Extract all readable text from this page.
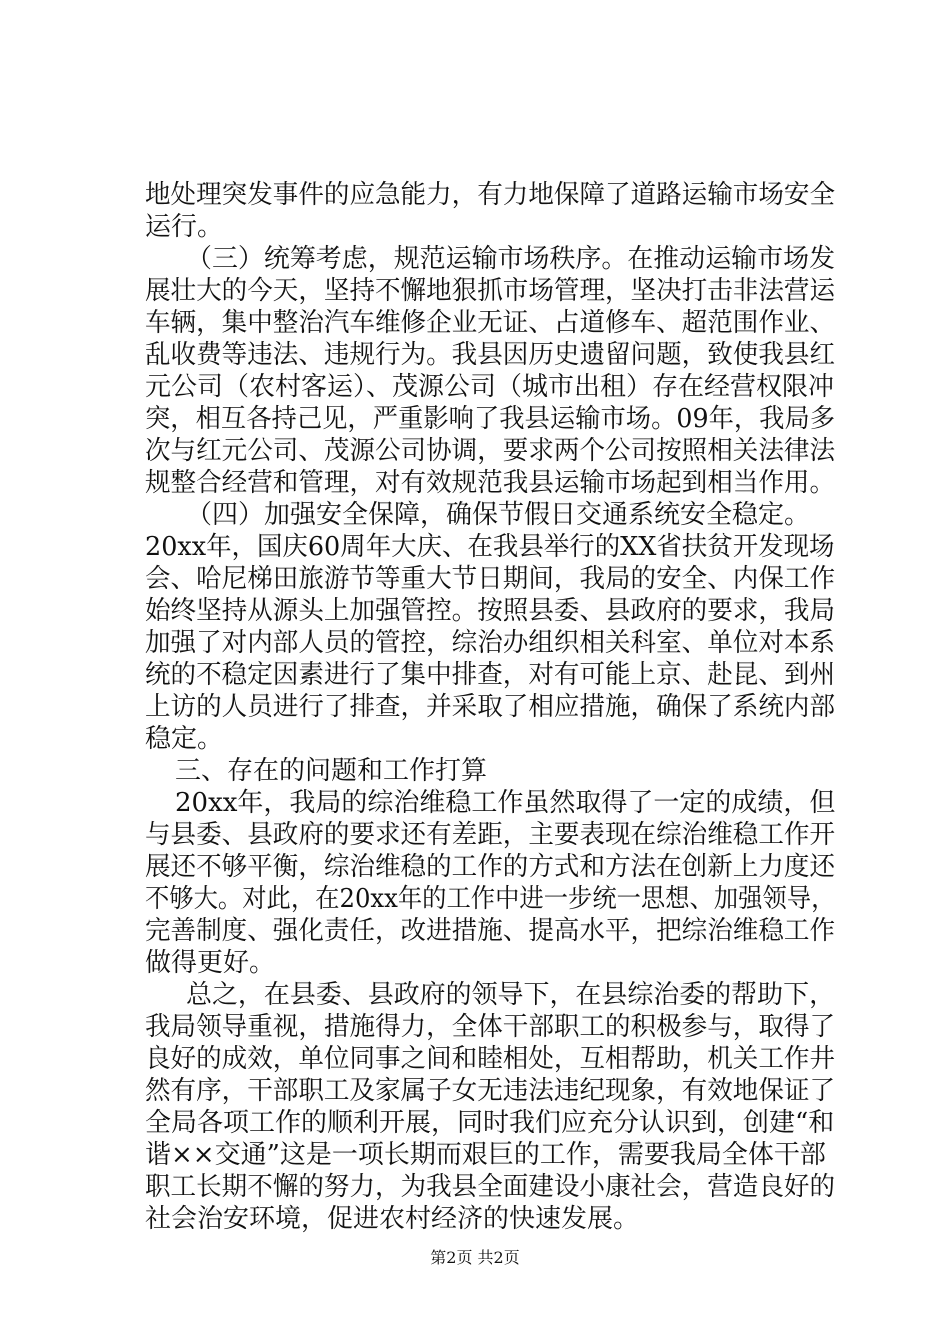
地处理突发事件的应急能力，有力地保障了道路运输市场安全
运行。
（三）统筹考虑，规范运输市场秩序。在推动运输市场发
展壮大的今天，坚持不懈地狠抓市场管理，坚决打击非法营运
车辆，集中整治汽车维修企业无证、占道修车、超范围作业、
乱收费等违法、违规行为。我县因历史遗留问题，致使我县红
元公司（农村客运）、茂源公司（城市出租）存在经营权限冲
突，相互各持己见，严重影响了我县运输市场。09年，我局多
次与红元公司、茂源公司协调，要求两个公司按照相关法律法
规整合经营和管理，对有效规范我县运输市场起到相当作用。
（四）加强安全保障，确保节假日交通系统安全稳定。
20xx年，国庆60周年大庆、在我县举行的XX省扶贫开发现场
会、哈尼梯田旅游节等重大节日期间，我局的安全、内保工作
始终坚持从源头上加强管控。按照县委、县政府的要求，我局
加强了对内部人员的管控，综治办组织相关科室、单位对本系
统的不稳定因素进行了集中排查，对有可能上京、赴昆、到州
上访的人员进行了排查，并采取了相应措施，确保了系统内部
稳定。
三、存在的问题和工作打算
20xx年，我局的综治维稳工作虽然取得了一定的成绩，但
与县委、县政府的要求还有差距，主要表现在综治维稳工作开
展还不够平衡，综治维稳的工作的方式和方法在创新上力度还
不够大。对此，在20xx年的工作中进一步统一思想、加强领导，
完善制度、强化责任，改进措施、提高水平，把综治维稳工作
做得更好。
总之，在县委、县政府的领导下，在县综治委的帮助下，
我局领导重视，措施得力，全体干部职工的积极参与，取得了
良好的成效，单位同事之间和睦相处，互相帮助，机关工作井
然有序，干部职工及家属子女无违法违纪现象，有效地保证了
全局各项工作的顺利开展，同时我们应充分认识到，创建“和
谐××交通”这是一项长期而艰巨的工作，需要我局全体干部
职工长期不懈的努力，为我县全面建设小康社会，营造良好的
社会治安环境，促进农村经济的快速发展。
第2页 共2页
